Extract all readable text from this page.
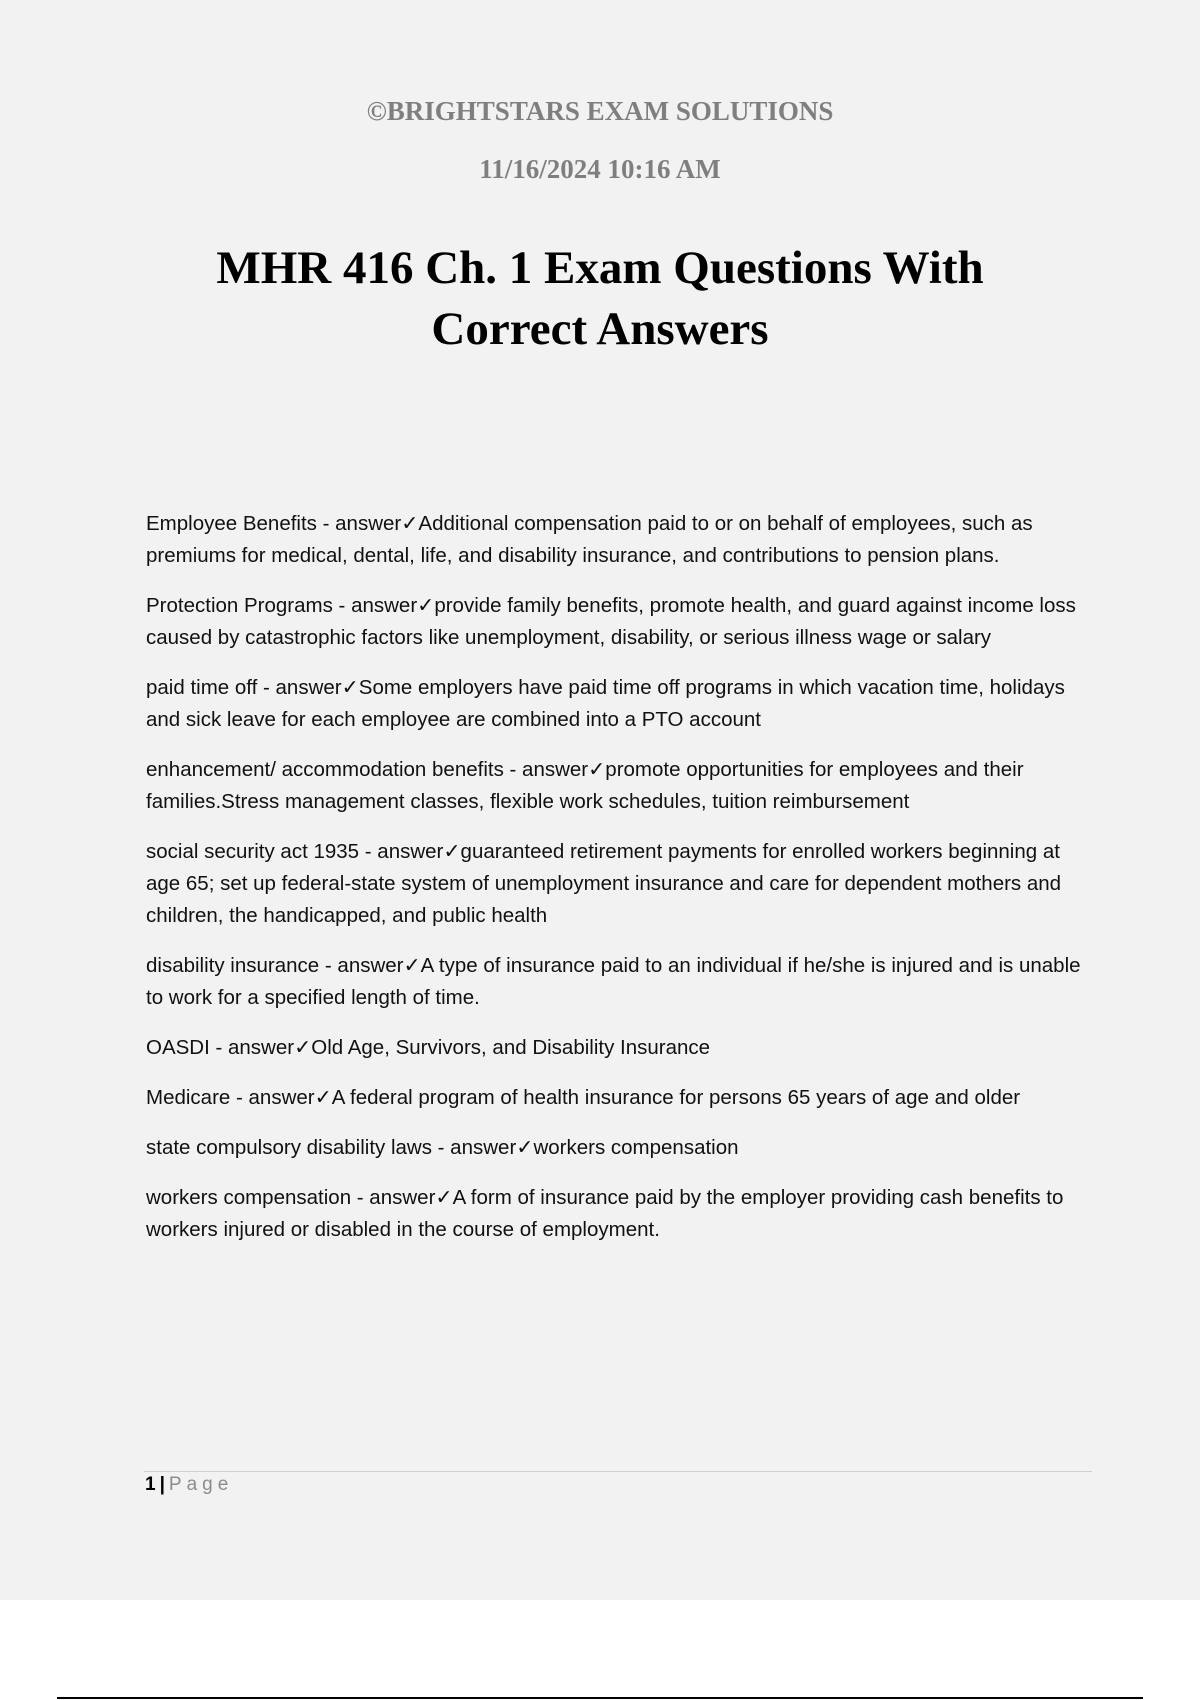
©BRIGHTSTARS EXAM SOLUTIONS

11/16/2024 10:16 AM

MHR 416 Ch. 1 Exam Questions With Correct Answers
Employee Benefits - answer✓Additional compensation paid to or on behalf of employees, such as premiums for medical, dental, life, and disability insurance, and contributions to pension plans.
Protection Programs - answer✓provide family benefits, promote health, and guard against income loss caused by catastrophic factors like unemployment, disability, or serious illness wage or salary
paid time off - answer✓Some employers have paid time off programs in which vacation time, holidays and sick leave for each employee are combined into a PTO account
enhancement/ accommodation benefits - answer✓promote opportunities for employees and their families.Stress management classes, flexible work schedules, tuition reimbursement
social security act 1935 - answer✓guaranteed retirement payments for enrolled workers beginning at age 65; set up federal-state system of unemployment insurance and care for dependent mothers and children, the handicapped, and public health
disability insurance - answer✓A type of insurance paid to an individual if he/she is injured and is unable to work for a specified length of time.
OASDI - answer✓Old Age, Survivors, and Disability Insurance
Medicare - answer✓A federal program of health insurance for persons 65 years of age and older
state compulsory disability laws - answer✓workers compensation
workers compensation - answer✓A form of insurance paid by the employer providing cash benefits to workers injured or disabled in the course of employment.
1 | Page
